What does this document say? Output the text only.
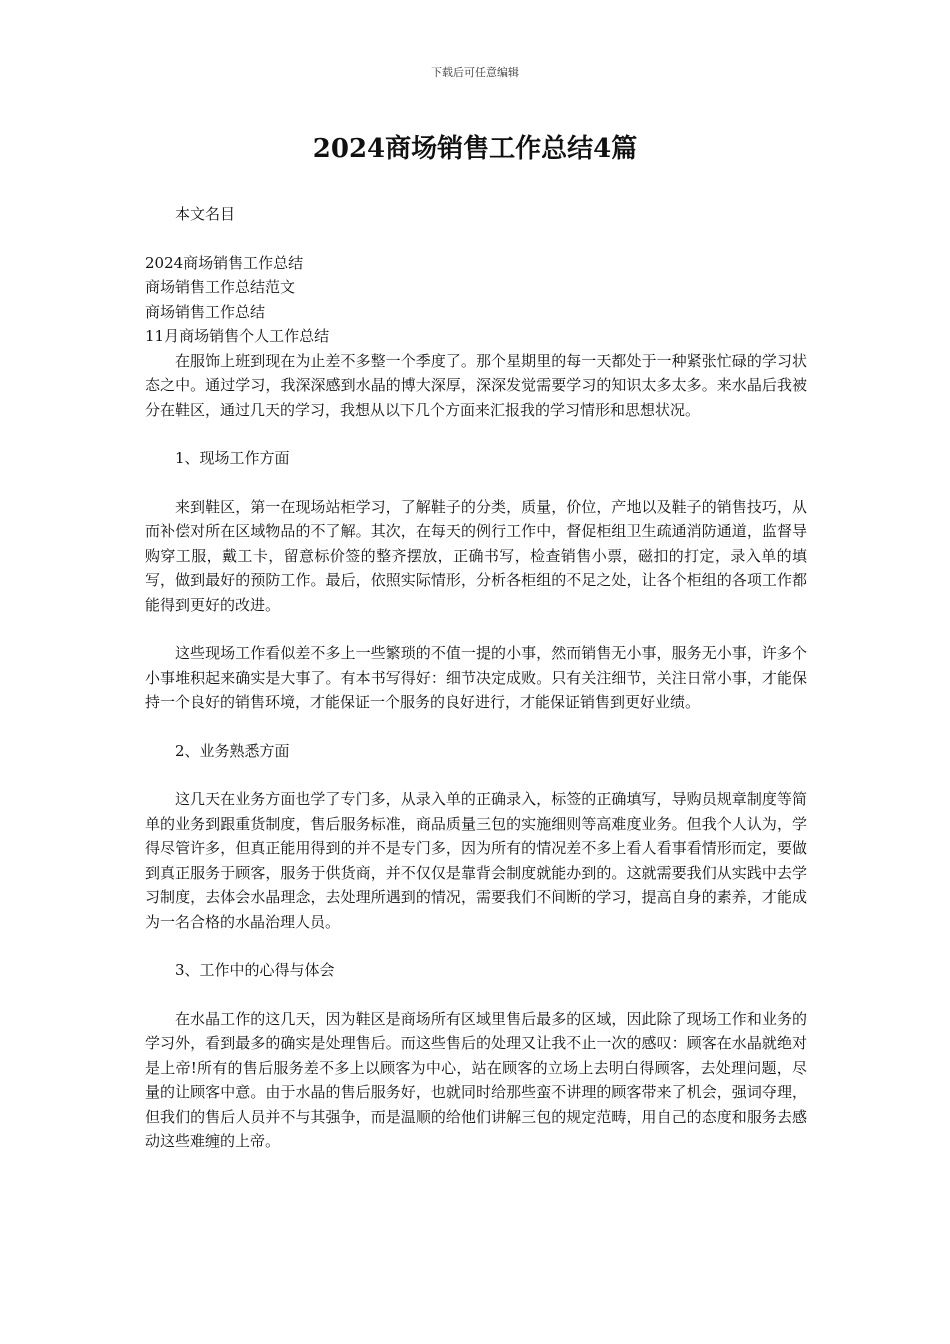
下载后可任意编辑
2024商场销售工作总结4篇

本文名目

2024商场销售工作总结
商场销售工作总结范文
商场销售工作总结
11月商场销售个人工作总结

在服饰上班到现在为止差不多整一个季度了。那个星期里的每一天都处于一种紧张忙碌的学习状态之中。通过学习，我深深感到水晶的博大深厚，深深发觉需要学习的知识太多太多。来水晶后我被分在鞋区，通过几天的学习，我想从以下几个方面来汇报我的学习情形和思想状况。

1、现场工作方面

来到鞋区，第一在现场站柜学习，了解鞋子的分类，质量，价位，产地以及鞋子的销售技巧，从而补偿对所在区域物品的不了解。其次，在每天的例行工作中，督促柜组卫生疏通消防通道，监督导购穿工服，戴工卡，留意标价签的整齐摆放，正确书写，检查销售小票，磁扣的打定，录入单的填写，做到最好的预防工作。最后，依照实际情形，分析各柜组的不足之处，让各个柜组的各项工作都能得到更好的改进。

这些现场工作看似差不多上一些繁琐的不值一提的小事，然而销售无小事，服务无小事，许多个小事堆积起来确实是大事了。有本书写得好：细节决定成败。只有关注细节，关注日常小事，才能保持一个良好的销售环境，才能保证一个服务的良好进行，才能保证销售到更好业绩。

2、业务熟悉方面

这几天在业务方面也学了专门多，从录入单的正确录入，标签的正确填写，导购员规章制度等简单的业务到跟重货制度，售后服务标准，商品质量三包的实施细则等高难度业务。但我个人认为，学得尽管许多，但真正能用得到的并不是专门多，因为所有的情况差不多上看人看事看情形而定，要做到真正服务于顾客，服务于供货商，并不仅仅是靠背会制度就能办到的。这就需要我们从实践中去学习制度，去体会水晶理念，去处理所遇到的情况，需要我们不间断的学习，提高自身的素养，才能成为一名合格的水晶治理人员。

3、工作中的心得与体会

在水晶工作的这几天，因为鞋区是商场所有区域里售后最多的区域，因此除了现场工作和业务的学习外，看到最多的确实是处理售后。而这些售后的处理又让我不止一次的感叹：顾客在水晶就绝对是上帝!所有的售后服务差不多上以顾客为中心，站在顾客的立场上去明白得顾客，去处理问题，尽量的让顾客中意。由于水晶的售后服务好，也就同时给那些蛮不讲理的顾客带来了机会，强词夺理，但我们的售后人员并不与其强争，而是温顺的给他们讲解三包的规定范畴，用自己的态度和服务去感动这些难缠的上帝。
